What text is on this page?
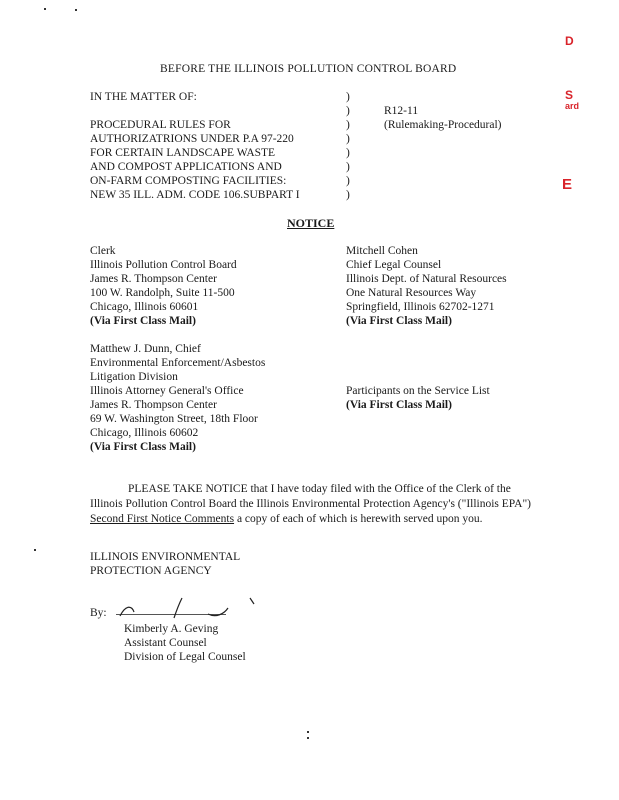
D
S
ard
E
BEFORE THE ILLINOIS POLLUTION CONTROL BOARD
IN THE MATTER OF:
PROCEDURAL RULES FOR
AUTHORIZATRIONS UNDER P.A 97-220
FOR CERTAIN LANDSCAPE WASTE
AND COMPOST APPLICATIONS AND
ON-FARM COMPOSTING FACILITIES:
NEW 35 ILL. ADM. CODE 106.SUBPART I
)
)
)
)
)
)
)
)
R12-11
(Rulemaking-Procedural)
NOTICE
Clerk
Illinois Pollution Control Board
James R. Thompson Center
100 W. Randolph, Suite 11-500
Chicago, Illinois 60601
(Via First Class Mail)
Mitchell Cohen
Chief Legal Counsel
Illinois Dept. of Natural Resources
One Natural Resources Way
Springfield, Illinois 62702-1271
(Via First Class Mail)
Matthew J. Dunn, Chief
Environmental Enforcement/Asbestos
Litigation Division
Illinois Attorney General's Office
James R. Thompson Center
69 W. Washington Street, 18th Floor
Chicago, Illinois 60602
(Via First Class Mail)
Participants on the Service List
(Via First Class Mail)

PLEASE TAKE NOTICE that I have today filed with the Office of the Clerk of the Illinois Pollution Control Board the Illinois Environmental Protection Agency's ("Illinois EPA") Second First Notice Comments a copy of each of which is herewith served upon you.

ILLINOIS ENVIRONMENTAL
PROTECTION AGENCY
By:
Kimberly A. Geving
Assistant Counsel
Division of Legal Counsel
